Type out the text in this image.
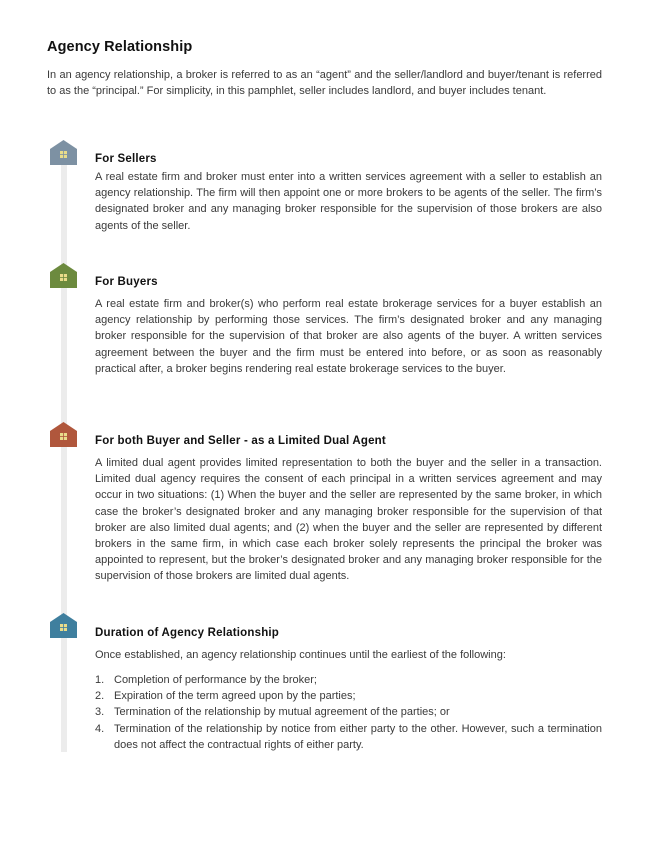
Agency Relationship

In an agency relationship, a broker is referred to as an “agent” and the seller/landlord and buyer/tenant is referred to as the “principal.” For simplicity, in this pamphlet, seller includes landlord, and buyer includes tenant.

For Sellers

A real estate firm and broker must enter into a written services agreement with a seller to establish an agency relationship. The firm will then appoint one or more brokers to be agents of the seller. The firm’s designated broker and any managing broker responsible for the supervision of those brokers are also agents of the seller.

For Buyers

A real estate firm and broker(s) who perform real estate brokerage services for a buyer establish an agency relationship by performing those services. The firm’s designated broker and any managing broker responsible for the supervision of that broker are also agents of the buyer. A written services agreement between the buyer and the firm must be entered into before, or as soon as reasonably practical after, a broker begins rendering real estate brokerage services to the buyer.

For both Buyer and Seller - as a Limited Dual Agent

A limited dual agent provides limited representation to both the buyer and the seller in a transaction. Limited dual agency requires the consent of each principal in a written services agreement and may occur in two situations: (1) When the buyer and the seller are represented by the same broker, in which case the broker’s designated broker and any managing broker responsible for the supervision of that broker are also limited dual agents; and (2) when the buyer and the seller are represented by different brokers in the same firm, in which case each broker solely represents the principal the broker was appointed to represent, but the broker’s designated broker and any managing broker responsible for the supervision of those brokers are limited dual agents.

Duration of Agency Relationship

Once established, an agency relationship continues until the earliest of the following:

1. Completion of performance by the broker;
2. Expiration of the term agreed upon by the parties;
3. Termination of the relationship by mutual agreement of the parties; or
4. Termination of the relationship by notice from either party to the other. However, such a termination does not affect the contractual rights of either party.
